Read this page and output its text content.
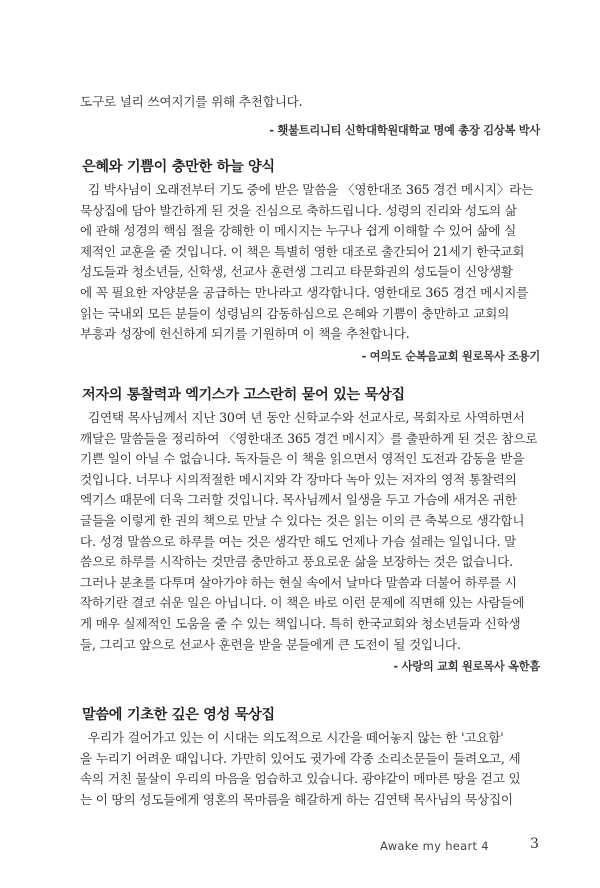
도구로 널리 쓰여지기를 위해 추천합니다.
- 횃불트리니티 신학대학원대학교 명예 총장 김상복 박사
은혜와 기쁨이 충만한 하늘 양식
김 박사님이 오래전부터 기도 중에 받은 말씀을 〈영한대조 365 경건 메시지〉라는
묵상집에 담아 발간하게 된 것을 진심으로 축하드립니다. 성령의 진리와 성도의 삶
에 관해 성경의 핵심 절을 강해한 이 메시지는 누구나 쉽게 이해할 수 있어 삶에 실
제적인 교훈을 줄 것입니다. 이 책은 특별히 영한 대조로 출간되어 21세기 한국교회
성도들과 청소년들, 신학생, 선교사 훈련생 그리고 타문화권의 성도들이 신앙생활
에 꼭 필요한 자양분을 공급하는 만나라고 생각합니다. 영한대로 365 경건 메시지를
읽는 국내외 모든 분들이 성령님의 감동하심으로 은혜와 기쁨이 충만하고 교회의
부흥과 성장에 헌신하게 되기를 기원하며 이 책을 추천합니다.
- 여의도 순복음교회 원로목사 조용기
저자의 통찰력과 엑기스가 고스란히 묻어 있는 묵상집
김연택 목사님께서 지난 30여 년 동안 신학교수와 선교사로, 목회자로 사역하면서
깨달은 말씀들을 정리하여 〈영한대조 365 경건 메시지〉를 출판하게 된 것은 참으로
기쁜 일이 아닐 수 없습니다. 독자들은 이 책을 읽으면서 영적인 도전과 감동을 받을
것입니다. 너무나 시의적절한 메시지와 각 장마다 녹아 있는 저자의 영적 통찰력의
엑기스 때문에 더욱 그러할 것입니다. 목사님께서 일생을 두고 가슴에 새겨온 귀한
글들을 이렇게 한 권의 책으로 만날 수 있다는 것은 읽는 이의 큰 축복으로 생각합니
다. 성경 말씀으로 하루를 여는 것은 생각만 해도 언제나 가슴 설레는 일입니다. 말
씀으로 하루를 시작하는 것만큼 충만하고 풍요로운 삶을 보장하는 것은 없습니다.
그러나 분초를 다투며 살아가야 하는 현실 속에서 날마다 말씀과 더불어 하루를 시
작하기란 결코 쉬운 일은 아닙니다. 이 책은 바로 이런 문제에 직면해 있는 사람들에
게 매우 실제적인 도움을 줄 수 있는 책입니다. 특히 한국교회와 청소년들과 신학생
들, 그리고 앞으로 선교사 훈련을 받을 분들에게 큰 도전이 될 것입니다.
- 사랑의 교회 원로목사 옥한흠
말씀에 기초한 깊은 영성 묵상집
우리가 걸어가고 있는 이 시대는 의도적으로 시간을 떼어놓지 않는 한 '고요함'
을 누리기 어려운 때입니다. 가만히 있어도 귓가에 각종 소리소문들이 들려오고, 세
속의 거친 물살이 우리의 마음을 엄습하고 있습니다. 광야같이 메마른 땅을 걷고 있
는 이 땅의 성도들에게 영혼의 목마름을 해갈하게 하는 김연택 목사님의 묵상집이
Awake my heart 4	3
